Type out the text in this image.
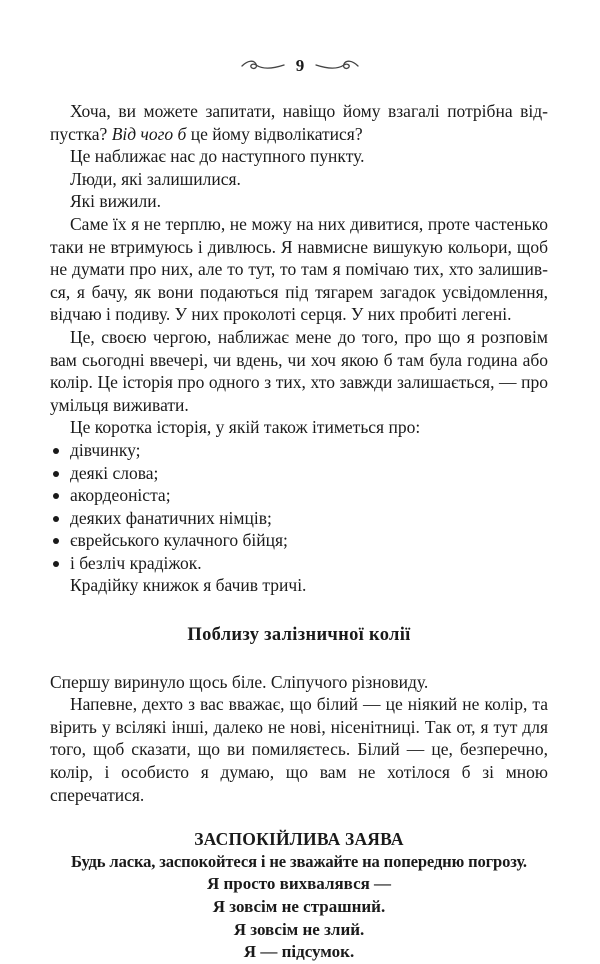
9

Хоча, ви можете запитати, навіщо йому взагалі потрібна відпустка? Від чого б це йому відволікатися?

Це наближає нас до наступного пункту.

Люди, які залишилися.

Які вижили.

Саме їх я не терплю, не можу на них дивитися, проте частенько таки не втримуюсь і дивлюсь. Я навмисне вишукую кольори, щоб не думати про них, але то тут, то там я помічаю тих, хто залишився, я бачу, як вони подаються під тягарем загадок усвідомлення, відчаю і подиву. У них проколоті серця. У них пробиті легені.

Це, своєю чергою, наближає мене до того, про що я розповім вам сьогодні ввечері, чи вдень, чи хоч якою б там була година або колір. Це історія про одного з тих, хто завжди залишається, — про умільця виживати.

Це коротка історія, у якій також ітиметься про:

дівчинку;
деякі слова;
акордеоніста;
деяких фанатичних німців;
єврейського кулачного бійця;
і безліч крадіжок.

Крадійку книжок я бачив тричі.

Поблизу залізничної колії

Спершу виринуло щось біле. Сліпучого різновиду.

Напевне, дехто з вас вважає, що білий — це ніякий не колір, та вірить у всілякі інші, далеко не нові, нісенітниці. Так от, я тут для того, щоб сказати, що ви помиляєтесь. Білий — це, безперечно, колір, і особисто я думаю, що вам не хотілося б зі мною сперечатися.

ЗАСПОКІЙЛИВА ЗАЯВА
Будь ласка, заспокойтеся і не зважайте на попередню погрозу.
Я просто вихвалявся —
Я зовсім не страшний.
Я зовсім не злий.
Я — підсумок.
